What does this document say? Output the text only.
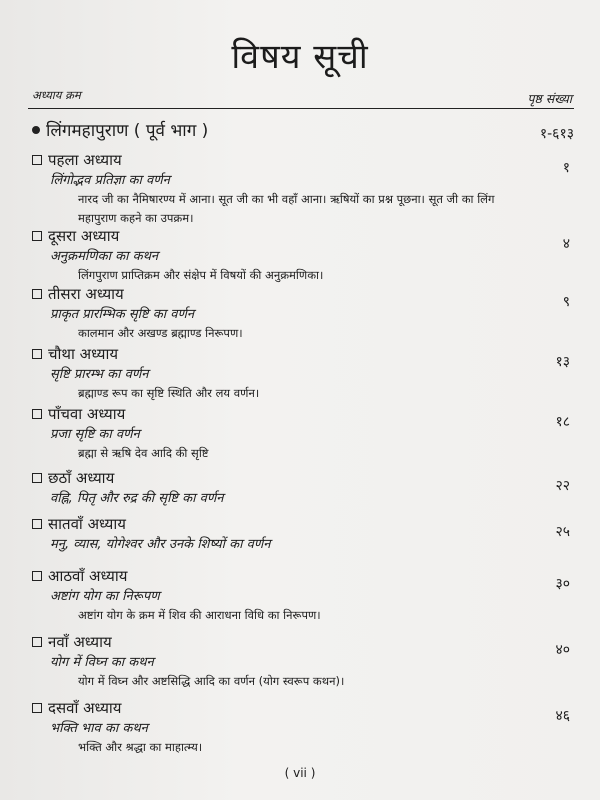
विषय सूची
अध्याय क्रम	पृष्ठ संख्या
लिंगमहापुराण ( पूर्व भाग )	१-६१३
पहला अध्याय	१
लिंगोद्भव प्रतिज्ञा का वर्णन
नारद जी का नैमिषारण्य में आना। सूत जी का भी वहाँ आना। ऋषियों का प्रश्न पूछना। सूत जी का लिंग महापुराण कहने का उपक्रम।
दूसरा अध्याय	४
अनुक्रमणिका का कथन
लिंगपुराण प्राप्तिक्रम और संक्षेप में विषयों की अनुक्रमणिका।
तीसरा अध्याय	९
प्राकृत प्रारम्भिक सृष्टि का वर्णन
कालमान और अखण्ड ब्रह्माण्ड निरूपण।
चौथा अध्याय	१३
सृष्टि प्रारम्भ का वर्णन
ब्रह्माण्ड रूप का सृष्टि स्थिति और लय वर्णन।
पाँचवा अध्याय	१८
प्रजा सृष्टि का वर्णन
ब्रह्मा से ऋषि देव आदि की सृष्टि
छठाँ अध्याय	२२
वह्नि, पितृ और रुद्र की सृष्टि का वर्णन
सातवाँ अध्याय	२५
मनु, व्यास, योगेश्वर और उनके शिष्यों का वर्णन
आठवाँ अध्याय	३०
अष्टांग योग का निरूपण
अष्टांग योग के क्रम में शिव की आराधना विधि का निरूपण।
नवाँ अध्याय	४०
योग में विघ्न का कथन
योग में विघ्न और अष्टसिद्धि आदि का वर्णन (योग स्वरूप कथन)।
दसवाँ अध्याय	४६
भक्ति भाव का कथन
भक्ति और श्रद्धा का माहात्म्य।
( vii )
